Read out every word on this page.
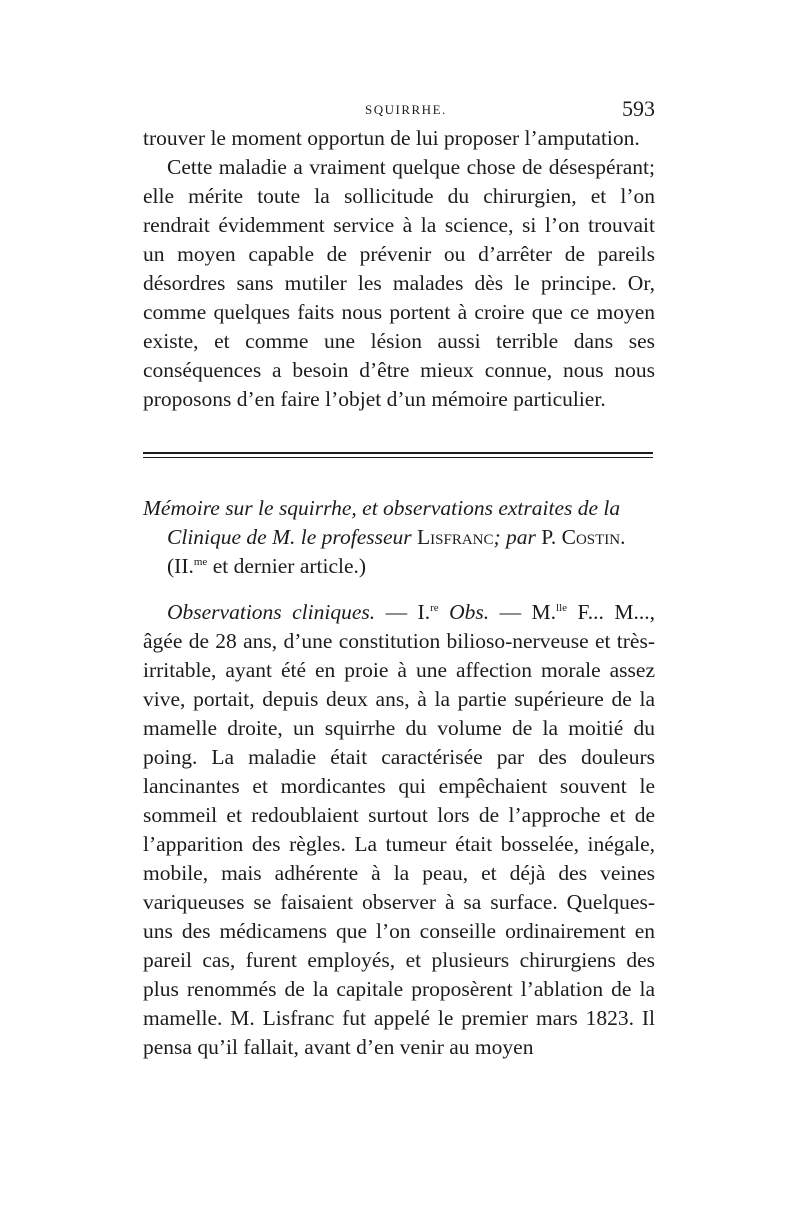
SQUIRRHE.	593

trouver le moment opportun de lui proposer l’amputation.

Cette maladie a vraiment quelque chose de désespérant; elle mérite toute la sollicitude du chirurgien, et l’on rendrait évidemment service à la science, si l’on trouvait un moyen capable de prévenir ou d’arrêter de pareils désordres sans mutiler les malades dès le principe. Or, comme quelques faits nous portent à croire que ce moyen existe, et comme une lésion aussi terrible dans ses conséquences a besoin d’être mieux connue, nous nous proposons d’en faire l’objet d’un mémoire particulier.

Mémoire sur le squirrhe, et observations extraites de la
Clinique de M. le professeur Lisfranc; par P. Costin.
(II.$^{me}$ et dernier article.)

Observations cliniques. — I.$^{re}$ Obs. — M.$^{lle}$ F... M..., âgée de 28 ans, d’une constitution bilioso-nerveuse et très-irritable, ayant été en proie à une affection morale assez vive, portait, depuis deux ans, à la partie supérieure de la mamelle droite, un squirrhe du volume de la moitié du poing. La maladie était caractérisée par des douleurs lancinantes et mordicantes qui empêchaient souvent le sommeil et redoublaient surtout lors de l’approche et de l’apparition des règles. La tumeur était bosselée, inégale, mobile, mais adhérente à la peau, et déjà des veines variqueuses se faisaient observer à sa surface. Quelques-uns des médicamens que l’on conseille ordinairement en pareil cas, furent employés, et plusieurs chirurgiens des plus renommés de la capitale proposèrent l’ablation de la mamelle. M. Lisfranc fut appelé le premier mars 1823. Il pensa qu’il fallait, avant d’en venir au moyen
